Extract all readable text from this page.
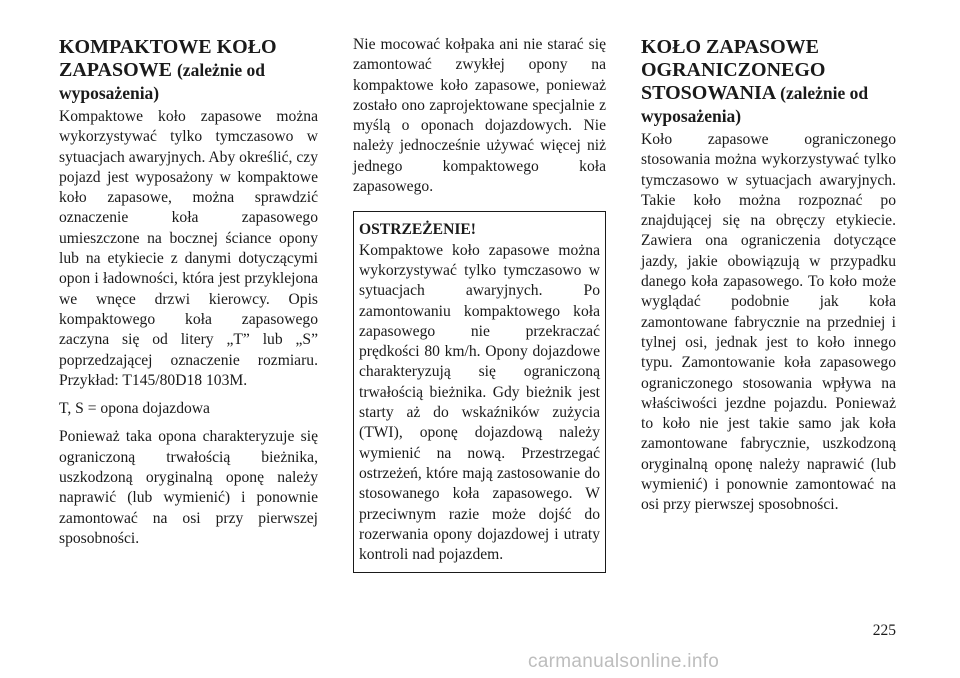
KOMPAKTOWE KOŁO ZAPASOWE (zależnie od wyposażenia)

Kompaktowe koło zapasowe można wykorzystywać tylko tymczasowo w sytuacjach awaryjnych. Aby określić, czy pojazd jest wyposażony w kompaktowe koło zapasowe, można sprawdzić oznaczenie koła zapasowego umieszczone na bocznej ściance opony lub na etykiecie z danymi dotyczącymi opon i ładowności, która jest przyklejona we wnęce drzwi kierowcy. Opis kompaktowego koła zapasowego zaczyna się od litery „T” lub „S” poprzedzającej oznaczenie rozmiaru. Przykład: T145/80D18 103M.

T, S = opona dojazdowa

Ponieważ taka opona charakteryzuje się ograniczoną trwałością bieżnika, uszkodzoną oryginalną oponę należy naprawić (lub wymienić) i ponownie zamontować na osi przy pierwszej sposobności.

Nie mocować kołpaka ani nie starać się zamontować zwykłej opony na kompaktowe koło zapasowe, ponieważ zostało ono zaprojektowane specjalnie z myślą o oponach dojazdowych. Nie należy jednocześnie używać więcej niż jednego kompaktowego koła zapasowego.

OSTRZEŻENIE!

Kompaktowe koło zapasowe można wykorzystywać tylko tymczasowo w sytuacjach awaryjnych. Po zamontowaniu kompaktowego koła zapasowego nie przekraczać prędkości 80 km/h. Opony dojazdowe charakteryzują się ograniczoną trwałością bieżnika. Gdy bieżnik jest starty aż do wskaźników zużycia (TWI), oponę dojazdową należy wymienić na nową. Przestrzegać ostrzeżeń, które mają zastosowanie do stosowanego koła zapasowego. W przeciwnym razie może dojść do rozerwania opony dojazdowej i utraty kontroli nad pojazdem.

KOŁO ZAPASOWE OGRANICZONEGO STOSOWANIA (zależnie od wyposażenia)

Koło zapasowe ograniczonego stosowania można wykorzystywać tylko tymczasowo w sytuacjach awaryjnych. Takie koło można rozpoznać po znajdującej się na obręczy etykiecie. Zawiera ona ograniczenia dotyczące jazdy, jakie obowiązują w przypadku danego koła zapasowego. To koło może wyglądać podobnie jak koła zamontowane fabrycznie na przedniej i tylnej osi, jednak jest to koło innego typu. Zamontowanie koła zapasowego ograniczonego stosowania wpływa na właściwości jezdne pojazdu. Ponieważ to koło nie jest takie samo jak koła zamontowane fabrycznie, uszkodzoną oryginalną oponę należy naprawić (lub wymienić) i ponownie zamontować na osi przy pierwszej sposobności.

225
carmanualsonline.info
